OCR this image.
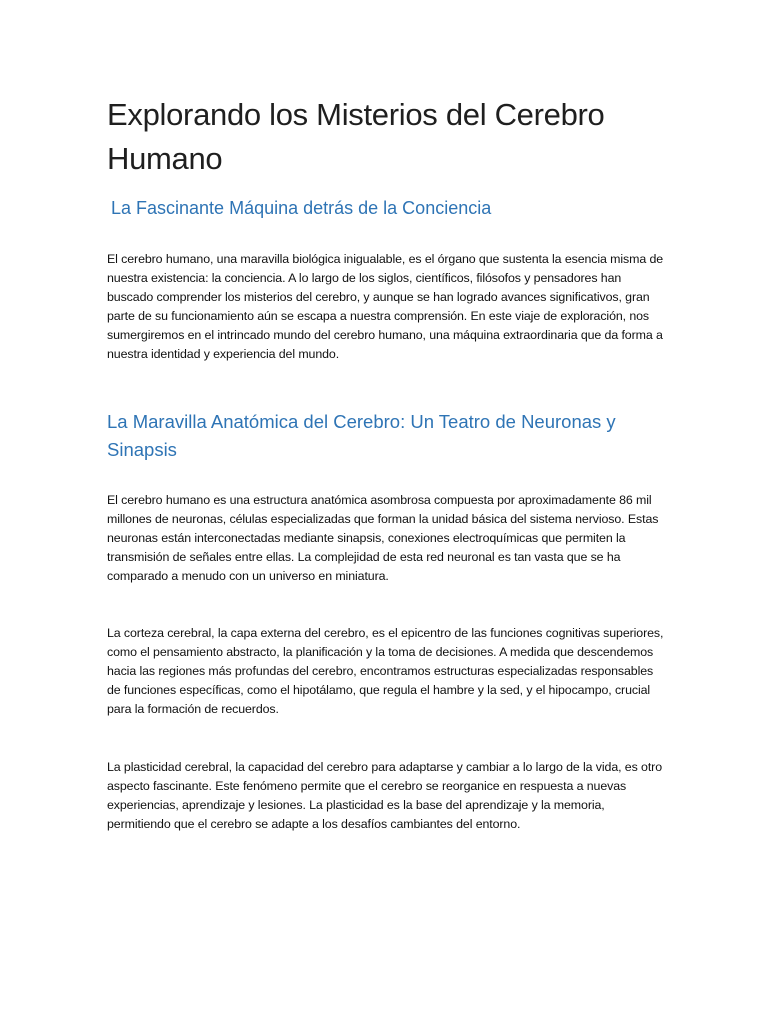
Explorando los Misterios del Cerebro Humano
La Fascinante Máquina detrás de la Conciencia

El cerebro humano, una maravilla biológica inigualable, es el órgano que sustenta la esencia misma de nuestra existencia: la conciencia. A lo largo de los siglos, científicos, filósofos y pensadores han buscado comprender los misterios del cerebro, y aunque se han logrado avances significativos, gran parte de su funcionamiento aún se escapa a nuestra comprensión. En este viaje de exploración, nos sumergiremos en el intrincado mundo del cerebro humano, una máquina extraordinaria que da forma a nuestra identidad y experiencia del mundo.

La Maravilla Anatómica del Cerebro: Un Teatro de Neuronas y Sinapsis

El cerebro humano es una estructura anatómica asombrosa compuesta por aproximadamente 86 mil millones de neuronas, células especializadas que forman la unidad básica del sistema nervioso. Estas neuronas están interconectadas mediante sinapsis, conexiones electroquímicas que permiten la transmisión de señales entre ellas. La complejidad de esta red neuronal es tan vasta que se ha comparado a menudo con un universo en miniatura.

La corteza cerebral, la capa externa del cerebro, es el epicentro de las funciones cognitivas superiores, como el pensamiento abstracto, la planificación y la toma de decisiones. A medida que descendemos hacia las regiones más profundas del cerebro, encontramos estructuras especializadas responsables de funciones específicas, como el hipotálamo, que regula el hambre y la sed, y el hipocampo, crucial para la formación de recuerdos.

La plasticidad cerebral, la capacidad del cerebro para adaptarse y cambiar a lo largo de la vida, es otro aspecto fascinante. Este fenómeno permite que el cerebro se reorganice en respuesta a nuevas experiencias, aprendizaje y lesiones. La plasticidad es la base del aprendizaje y la memoria, permitiendo que el cerebro se adapte a los desafíos cambiantes del entorno.
